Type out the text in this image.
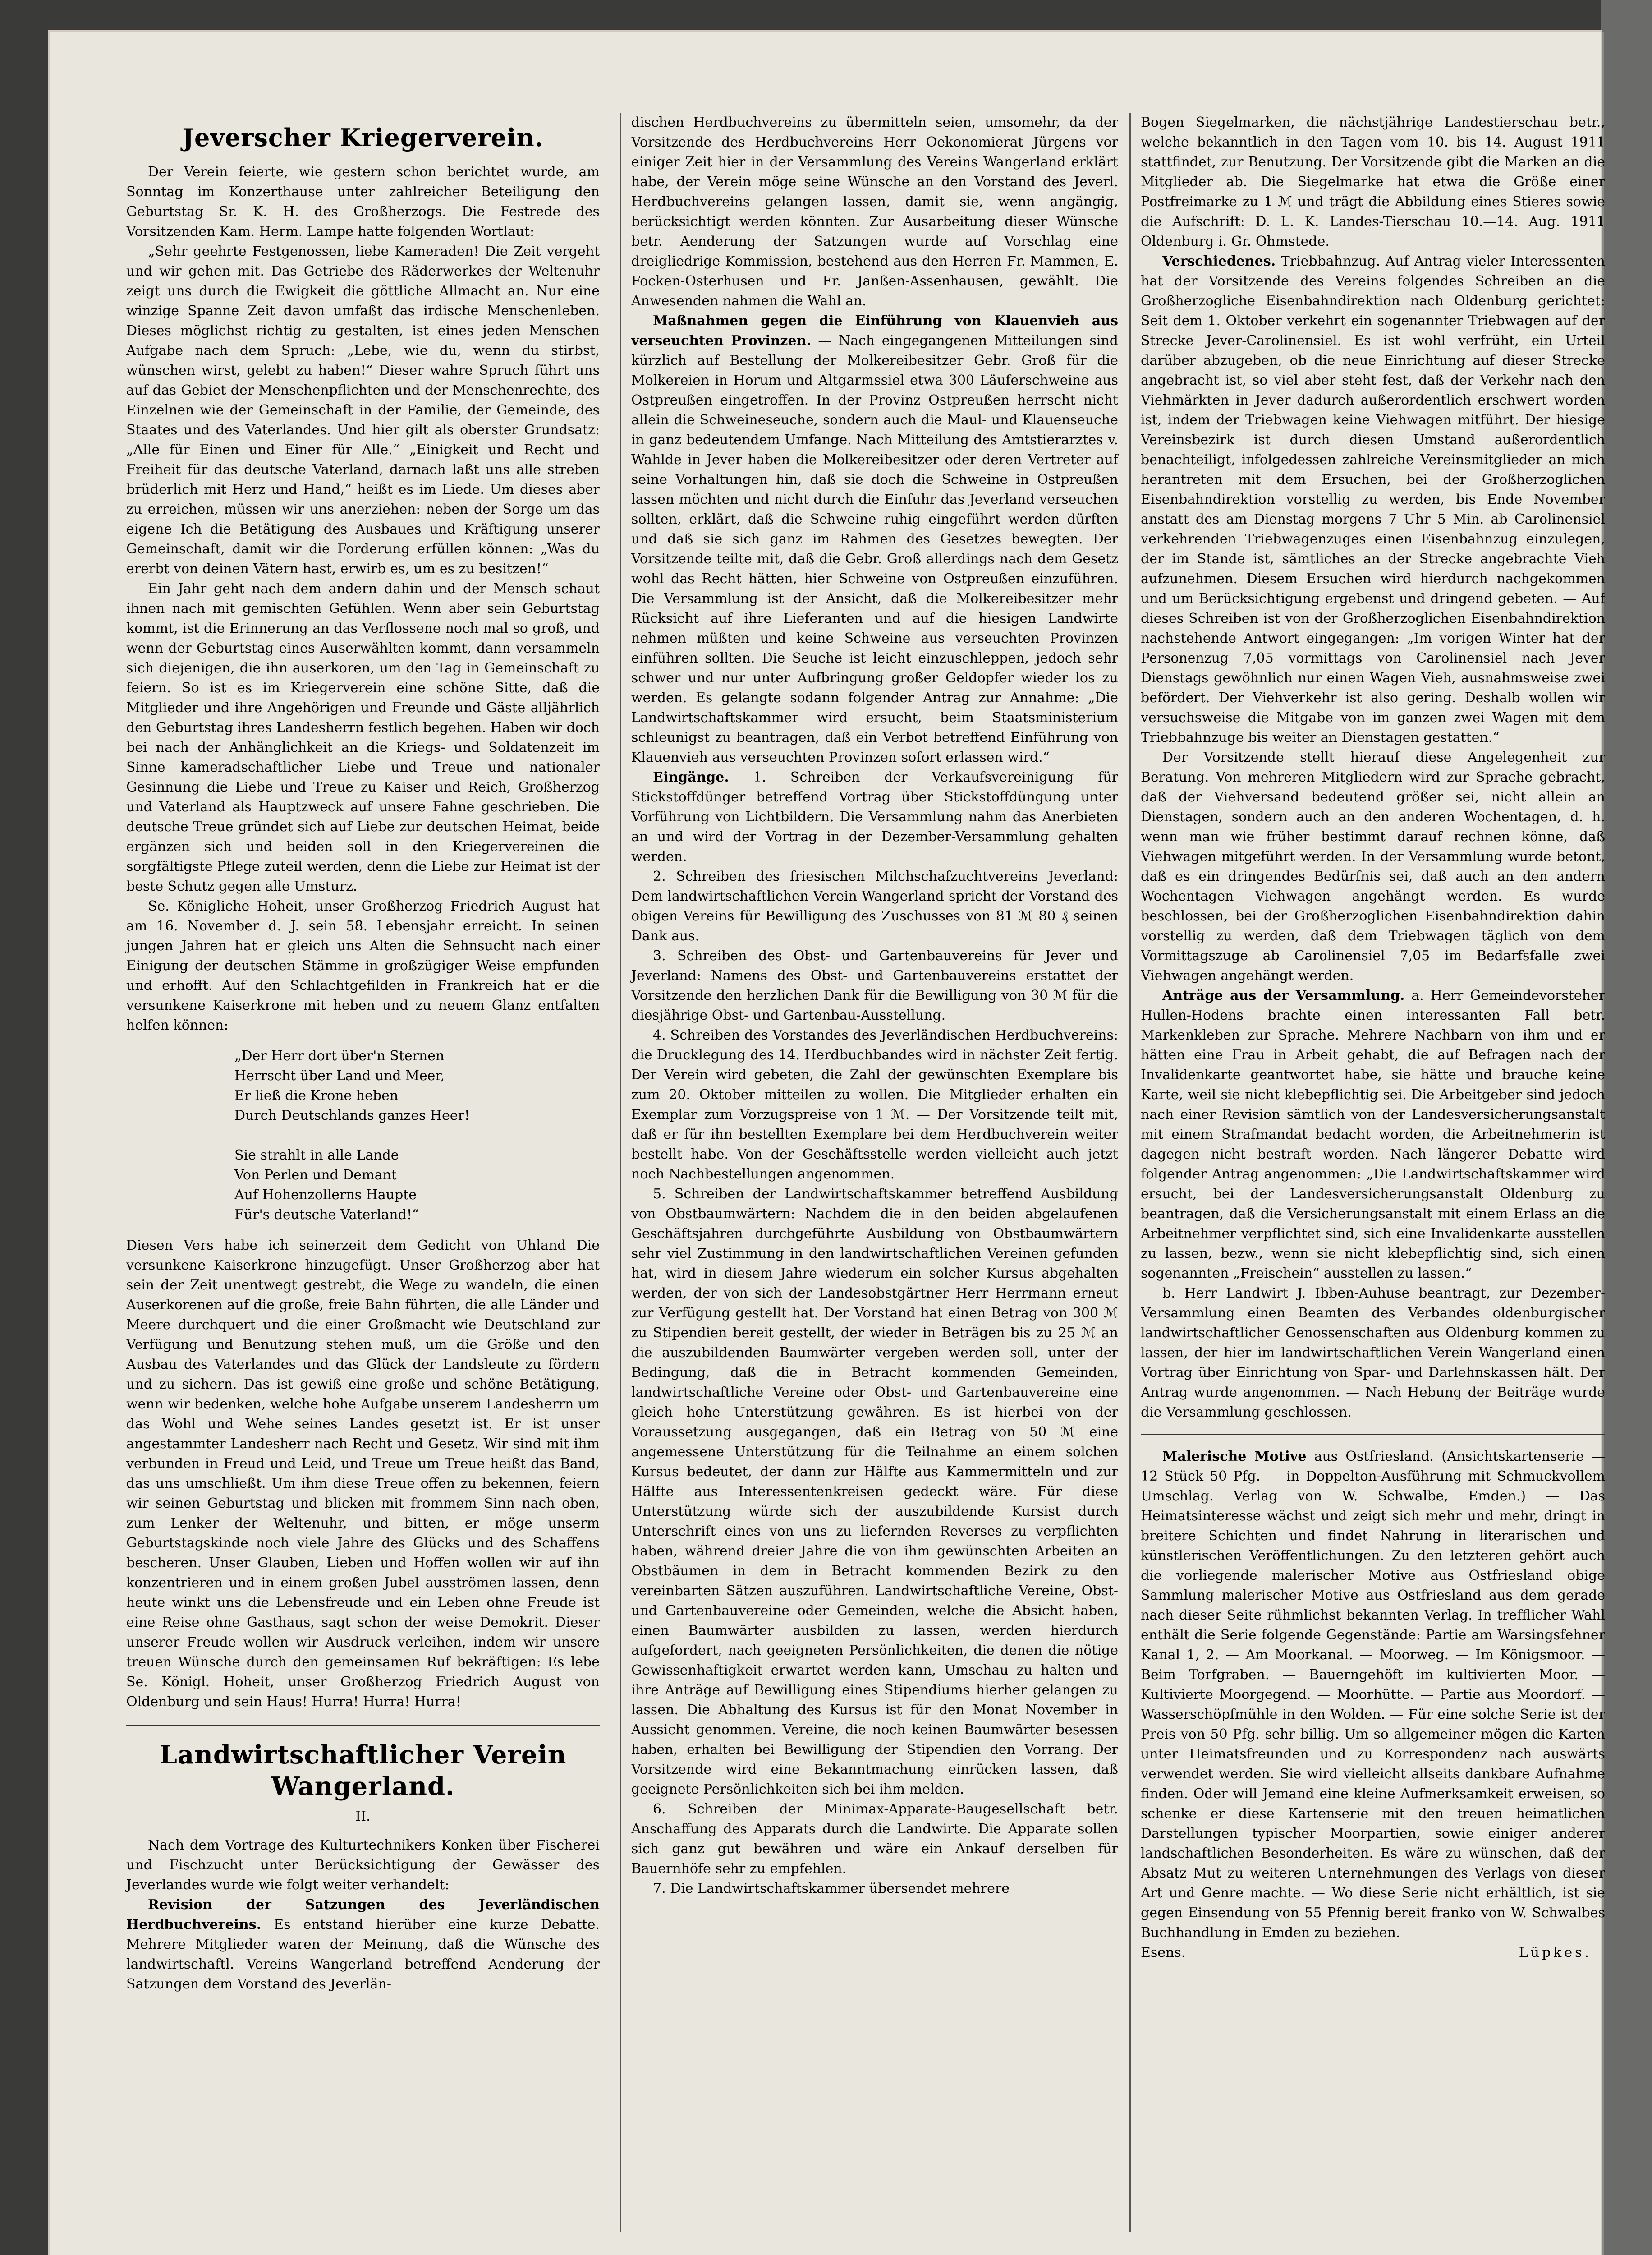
Jeverscher Kriegerverein.

Der Verein feierte, wie gestern schon berichtet wurde, am Sonntag im Konzerthause unter zahlreicher Beteiligung den Geburtstag Sr. K. H. des Großherzogs. Die Festrede des Vorsitzenden Kam. Herm. Lampe hatte folgenden Wortlaut:

„Sehr geehrte Festgenossen, liebe Kameraden! Die Zeit vergeht und wir gehen mit. Das Getriebe des Räderwerkes der Weltenuhr zeigt uns durch die Ewigkeit die göttliche Allmacht an. Nur eine winzige Spanne Zeit davon umfaßt das irdische Menschenleben. Dieses möglichst richtig zu gestalten, ist eines jeden Menschen Aufgabe nach dem Spruch: „Lebe, wie du, wenn du stirbst, wünschen wirst, gelebt zu haben!“ Dieser wahre Spruch führt uns auf das Gebiet der Menschenpflichten und der Menschenrechte, des Einzelnen wie der Gemeinschaft in der Familie, der Gemeinde, des Staates und des Vaterlandes. Und hier gilt als oberster Grundsatz: „Alle für Einen und Einer für Alle.“ „Einigkeit und Recht und Freiheit für das deutsche Vaterland, darnach laßt uns alle streben brüderlich mit Herz und Hand,“ heißt es im Liede. Um dieses aber zu erreichen, müssen wir uns anerziehen: neben der Sorge um das eigene Ich die Betätigung des Ausbaues und Kräftigung unserer Gemeinschaft, damit wir die Forderung erfüllen können: „Was du ererbt von deinen Vätern hast, erwirb es, um es zu besitzen!“

Ein Jahr geht nach dem andern dahin und der Mensch schaut ihnen nach mit gemischten Gefühlen. Wenn aber sein Geburtstag kommt, ist die Erinnerung an das Verflossene noch mal so groß, und wenn der Geburtstag eines Auserwählten kommt, dann versammeln sich diejenigen, die ihn auserkoren, um den Tag in Gemeinschaft zu feiern. So ist es im Kriegerverein eine schöne Sitte, daß die Mitglieder und ihre Angehörigen und Freunde und Gäste alljährlich den Geburtstag ihres Landesherrn festlich begehen. Haben wir doch bei nach der Anhänglichkeit an die Kriegs- und Soldatenzeit im Sinne kameradschaftlicher Liebe und Treue und nationaler Gesinnung die Liebe und Treue zu Kaiser und Reich, Großherzog und Vaterland als Hauptzweck auf unsere Fahne geschrieben. Die deutsche Treue gründet sich auf Liebe zur deutschen Heimat, beide ergänzen sich und beiden soll in den Kriegervereinen die sorgfältigste Pflege zuteil werden, denn die Liebe zur Heimat ist der beste Schutz gegen alle Umsturz.

Se. Königliche Hoheit, unser Großherzog Friedrich August hat am 16. November d. J. sein 58. Lebensjahr erreicht. In seinen jungen Jahren hat er gleich uns Alten die Sehnsucht nach einer Einigung der deutschen Stämme in großzügiger Weise empfunden und erhofft. Auf den Schlachtgefilden in Frankreich hat er die versunkene Kaiserkrone mit heben und zu neuem Glanz entfalten helfen können:

„Der Herr dort über'n Sternen
Herrscht über Land und Meer,
Er ließ die Krone heben
Durch Deutschlands ganzes Heer!
Sie strahlt in alle Lande
Von Perlen und Demant
Auf Hohenzollerns Haupte
Für's deutsche Vaterland!“

Diesen Vers habe ich seinerzeit dem Gedicht von Uhland Die versunkene Kaiserkrone hinzugefügt. Unser Großherzog aber hat sein der Zeit unentwegt gestrebt, die Wege zu wandeln, die einen Auserkorenen auf die große, freie Bahn führten, die alle Länder und Meere durchquert und die einer Großmacht wie Deutschland zur Verfügung und Benutzung stehen muß, um die Größe und den Ausbau des Vaterlandes und das Glück der Landsleute zu fördern und zu sichern. Das ist gewiß eine große und schöne Betätigung, wenn wir bedenken, welche hohe Aufgabe unserem Landesherrn um das Wohl und Wehe seines Landes gesetzt ist. Er ist unser angestammter Landesherr nach Recht und Gesetz. Wir sind mit ihm verbunden in Freud und Leid, und Treue um Treue heißt das Band, das uns umschließt. Um ihm diese Treue offen zu bekennen, feiern wir seinen Geburtstag und blicken mit frommem Sinn nach oben, zum Lenker der Weltenuhr, und bitten, er möge unserm Geburtstagskinde noch viele Jahre des Glücks und des Schaffens bescheren. Unser Glauben, Lieben und Hoffen wollen wir auf ihn konzentrieren und in einem großen Jubel ausströmen lassen, denn heute winkt uns die Lebensfreude und ein Leben ohne Freude ist eine Reise ohne Gasthaus, sagt schon der weise Demokrit. Dieser unserer Freude wollen wir Ausdruck verleihen, indem wir unsere treuen Wünsche durch den gemeinsamen Ruf bekräftigen: Es lebe Se. Königl. Hoheit, unser Großherzog Friedrich August von Oldenburg und sein Haus! Hurra! Hurra! Hurra!

Landwirtschaftlicher Verein Wangerland.
II.

Nach dem Vortrage des Kulturtechnikers Konken über Fischerei und Fischzucht unter Berücksichtigung der Gewässer des Jeverlandes wurde wie folgt weiter verhandelt:

Revision der Satzungen des Jeverländischen Herdbuchvereins. Es entstand hierüber eine kurze Debatte. Mehrere Mitglieder waren der Meinung, daß die Wünsche des landwirtschaftl. Vereins Wangerland betreffend Aenderung der Satzungen dem Vorstand des Jeverlän-

dischen Herdbuchvereins zu übermitteln seien, umsomehr, da der Vorsitzende des Herdbuchvereins Herr Oekonomierat Jürgens vor einiger Zeit hier in der Versammlung des Vereins Wangerland erklärt habe, der Verein möge seine Wünsche an den Vorstand des Jeverl. Herdbuchvereins gelangen lassen, damit sie, wenn angängig, berücksichtigt werden könnten. Zur Ausarbeitung dieser Wünsche betr. Aenderung der Satzungen wurde auf Vorschlag eine dreigliedrige Kommission, bestehend aus den Herren Fr. Mammen, E. Focken-Osterhusen und Fr. Janßen-Assenhausen, gewählt. Die Anwesenden nahmen die Wahl an.

Maßnahmen gegen die Einführung von Klauenvieh aus verseuchten Provinzen. — Nach eingegangenen Mitteilungen sind kürzlich auf Bestellung der Molkereibesitzer Gebr. Groß für die Molkereien in Horum und Altgarmssiel etwa 300 Läuferschweine aus Ostpreußen eingetroffen. In der Provinz Ostpreußen herrscht nicht allein die Schweineseuche, sondern auch die Maul- und Klauenseuche in ganz bedeutendem Umfange. Nach Mitteilung des Amtstierarztes v. Wahlde in Jever haben die Molkereibesitzer oder deren Vertreter auf seine Vorhaltungen hin, daß sie doch die Schweine in Ostpreußen lassen möchten und nicht durch die Einfuhr das Jeverland verseuchen sollten, erklärt, daß die Schweine ruhig eingeführt werden dürften und daß sie sich ganz im Rahmen des Gesetzes bewegten. Der Vorsitzende teilte mit, daß die Gebr. Groß allerdings nach dem Gesetz wohl das Recht hätten, hier Schweine von Ostpreußen einzuführen. Die Versammlung ist der Ansicht, daß die Molkereibesitzer mehr Rücksicht auf ihre Lieferanten und auf die hiesigen Landwirte nehmen müßten und keine Schweine aus verseuchten Provinzen einführen sollten. Die Seuche ist leicht einzuschleppen, jedoch sehr schwer und nur unter Aufbringung großer Geldopfer wieder los zu werden. Es gelangte sodann folgender Antrag zur Annahme: „Die Landwirtschaftskammer wird ersucht, beim Staatsministerium schleunigst zu beantragen, daß ein Verbot betreffend Einführung von Klauenvieh aus verseuchten Provinzen sofort erlassen wird.“

Eingänge. 1. Schreiben der Verkaufsvereinigung für Stickstoffdünger betreffend Vortrag über Stickstoffdüngung unter Vorführung von Lichtbildern. Die Versammlung nahm das Anerbieten an und wird der Vortrag in der Dezember-Versammlung gehalten werden.

2. Schreiben des friesischen Milchschafzuchtvereins Jeverland: Dem landwirtschaftlichen Verein Wangerland spricht der Vorstand des obigen Vereins für Bewilligung des Zuschusses von 81 ℳ 80 ₰ seinen Dank aus.

3. Schreiben des Obst- und Gartenbauvereins für Jever und Jeverland: Namens des Obst- und Gartenbauvereins erstattet der Vorsitzende den herzlichen Dank für die Bewilligung von 30 ℳ für die diesjährige Obst- und Gartenbau-Ausstellung.

4. Schreiben des Vorstandes des Jeverländischen Herdbuchvereins: die Drucklegung des 14. Herdbuchbandes wird in nächster Zeit fertig. Der Verein wird gebeten, die Zahl der gewünschten Exemplare bis zum 20. Oktober mitteilen zu wollen. Die Mitglieder erhalten ein Exemplar zum Vorzugspreise von 1 ℳ. — Der Vorsitzende teilt mit, daß er für ihn bestellten Exemplare bei dem Herdbuchverein weiter bestellt habe. Von der Geschäftsstelle werden vielleicht auch jetzt noch Nachbestellungen angenommen.

5. Schreiben der Landwirtschaftskammer betreffend Ausbildung von Obstbaumwärtern: Nachdem die in den beiden abgelaufenen Geschäftsjahren durchgeführte Ausbildung von Obstbaumwärtern sehr viel Zustimmung in den landwirtschaftlichen Vereinen gefunden hat, wird in diesem Jahre wiederum ein solcher Kursus abgehalten werden, der von sich der Landesobstgärtner Herr Herrmann erneut zur Verfügung gestellt hat. Der Vorstand hat einen Betrag von 300 ℳ zu Stipendien bereit gestellt, der wieder in Beträgen bis zu 25 ℳ an die auszubildenden Baumwärter vergeben werden soll, unter der Bedingung, daß die in Betracht kommenden Gemeinden, landwirtschaftliche Vereine oder Obst- und Gartenbauvereine eine gleich hohe Unterstützung gewähren. Es ist hierbei von der Voraussetzung ausgegangen, daß ein Betrag von 50 ℳ eine angemessene Unterstützung für die Teilnahme an einem solchen Kursus bedeutet, der dann zur Hälfte aus Kammermitteln und zur Hälfte aus Interessentenkreisen gedeckt wäre. Für diese Unterstützung würde sich der auszubildende Kursist durch Unterschrift eines von uns zu liefernden Reverses zu verpflichten haben, während dreier Jahre die von ihm gewünschten Arbeiten an Obstbäumen in dem in Betracht kommenden Bezirk zu den vereinbarten Sätzen auszuführen. Landwirtschaftliche Vereine, Obst- und Gartenbauvereine oder Gemeinden, welche die Absicht haben, einen Baumwärter ausbilden zu lassen, werden hierdurch aufgefordert, nach geeigneten Persönlichkeiten, die denen die nötige Gewissenhaftigkeit erwartet werden kann, Umschau zu halten und ihre Anträge auf Bewilligung eines Stipendiums hierher gelangen zu lassen. Die Abhaltung des Kursus ist für den Monat November in Aussicht genommen. Vereine, die noch keinen Baumwärter besessen haben, erhalten bei Bewilligung der Stipendien den Vorrang. Der Vorsitzende wird eine Bekanntmachung einrücken lassen, daß geeignete Persönlichkeiten sich bei ihm melden.

6. Schreiben der Minimax-Apparate-Baugesellschaft betr. Anschaffung des Apparats durch die Landwirte. Die Apparate sollen sich ganz gut bewähren und wäre ein Ankauf derselben für Bauernhöfe sehr zu empfehlen.

7. Die Landwirtschaftskammer übersendet mehrere

Bogen Siegelmarken, die nächstjährige Landestierschau betr., welche bekanntlich in den Tagen vom 10. bis 14. August 1911 stattfindet, zur Benutzung. Der Vorsitzende gibt die Marken an die Mitglieder ab. Die Siegelmarke hat etwa die Größe einer Postfreimarke zu 1 ℳ und trägt die Abbildung eines Stieres sowie die Aufschrift: D. L. K. Landes-Tierschau 10.—14. Aug. 1911 Oldenburg i. Gr. Ohmstede.

Verschiedenes. Triebbahnzug. Auf Antrag vieler Interessenten hat der Vorsitzende des Vereins folgendes Schreiben an die Großherzogliche Eisenbahndirektion nach Oldenburg gerichtet: Seit dem 1. Oktober verkehrt ein sogenannter Triebwagen auf der Strecke Jever-Carolinensiel. Es ist wohl verfrüht, ein Urteil darüber abzugeben, ob die neue Einrichtung auf dieser Strecke angebracht ist, so viel aber steht fest, daß der Verkehr nach den Viehmärkten in Jever dadurch außerordentlich erschwert worden ist, indem der Triebwagen keine Viehwagen mitführt. Der hiesige Vereinsbezirk ist durch diesen Umstand außerordentlich benachteiligt, infolgedessen zahlreiche Vereinsmitglieder an mich herantreten mit dem Ersuchen, bei der Großherzoglichen Eisenbahndirektion vorstellig zu werden, bis Ende November anstatt des am Dienstag morgens 7 Uhr 5 Min. ab Carolinensiel verkehrenden Triebwagenzuges einen Eisenbahnzug einzulegen, der im Stande ist, sämtliches an der Strecke angebrachte Vieh aufzunehmen. Diesem Ersuchen wird hierdurch nachgekommen und um Berücksichtigung ergebenst und dringend gebeten. — Auf dieses Schreiben ist von der Großherzoglichen Eisenbahndirektion nachstehende Antwort eingegangen: „Im vorigen Winter hat der Personenzug 7,05 vormittags von Carolinensiel nach Jever Dienstags gewöhnlich nur einen Wagen Vieh, ausnahmsweise zwei befördert. Der Viehverkehr ist also gering. Deshalb wollen wir versuchsweise die Mitgabe von im ganzen zwei Wagen mit dem Triebbahnzuge bis weiter an Dienstagen gestatten.“

Der Vorsitzende stellt hierauf diese Angelegenheit zur Beratung. Von mehreren Mitgliedern wird zur Sprache gebracht, daß der Viehversand bedeutend größer sei, nicht allein an Dienstagen, sondern auch an den anderen Wochentagen, d. h. wenn man wie früher bestimmt darauf rechnen könne, daß Viehwagen mitgeführt werden. In der Versammlung wurde betont, daß es ein dringendes Bedürfnis sei, daß auch an den andern Wochentagen Viehwagen angehängt werden. Es wurde beschlossen, bei der Großherzoglichen Eisenbahndirektion dahin vorstellig zu werden, daß dem Triebwagen täglich von dem Vormittagszuge ab Carolinensiel 7,05 im Bedarfsfalle zwei Viehwagen angehängt werden.

Anträge aus der Versammlung. a. Herr Gemeindevorsteher Hullen-Hodens brachte einen interessanten Fall betr. Markenkleben zur Sprache. Mehrere Nachbarn von ihm und er hätten eine Frau in Arbeit gehabt, die auf Befragen nach der Invalidenkarte geantwortet habe, sie hätte und brauche keine Karte, weil sie nicht klebepflichtig sei. Die Arbeitgeber sind jedoch nach einer Revision sämtlich von der Landesversicherungsanstalt mit einem Strafmandat bedacht worden, die Arbeitnehmerin ist dagegen nicht bestraft worden. Nach längerer Debatte wird folgender Antrag angenommen: „Die Landwirtschaftskammer wird ersucht, bei der Landesversicherungsanstalt Oldenburg zu beantragen, daß die Versicherungsanstalt mit einem Erlass an die Arbeitnehmer verpflichtet sind, sich eine Invalidenkarte ausstellen zu lassen, bezw., wenn sie nicht klebepflichtig sind, sich einen sogenannten „Freischein“ ausstellen zu lassen.“

b. Herr Landwirt J. Ibben-Auhuse beantragt, zur Dezember-Versammlung einen Beamten des Verbandes oldenburgischer landwirtschaftlicher Genossenschaften aus Oldenburg kommen zu lassen, der hier im landwirtschaftlichen Verein Wangerland einen Vortrag über Einrichtung von Spar- und Darlehnskassen hält. Der Antrag wurde angenommen. — Nach Hebung der Beiträge wurde die Versammlung geschlossen.

Malerische Motive aus Ostfriesland. (Ansichtskartenserie — 12 Stück 50 Pfg. — in Doppelton-Ausführung mit Schmuckvollem Umschlag. Verlag von W. Schwalbe, Emden.) — Das Heimatsinteresse wächst und zeigt sich mehr und mehr, dringt in breitere Schichten und findet Nahrung in literarischen und künstlerischen Veröffentlichungen. Zu den letzteren gehört auch die vorliegende malerischer Motive aus Ostfriesland obige Sammlung malerischer Motive aus Ostfriesland aus dem gerade nach dieser Seite rühmlichst bekannten Verlag. In trefflicher Wahl enthält die Serie folgende Gegenstände: Partie am Warsingsfehner Kanal 1, 2. — Am Moorkanal. — Moorweg. — Im Königsmoor. — Beim Torfgraben. — Bauerngehöft im kultivierten Moor. — Kultivierte Moorgegend. — Moorhütte. — Partie aus Moordorf. — Wasserschöpfmühle in den Wolden. — Für eine solche Serie ist der Preis von 50 Pfg. sehr billig. Um so allgemeiner mögen die Karten unter Heimatsfreunden und zu Korrespondenz nach auswärts verwendet werden. Sie wird vielleicht allseits dankbare Aufnahme finden. Oder will Jemand eine kleine Aufmerksamkeit erweisen, so schenke er diese Kartenserie mit den treuen heimatlichen Darstellungen typischer Moorpartien, sowie einiger anderer landschaftlichen Besonderheiten. Es wäre zu wünschen, daß der Absatz Mut zu weiteren Unternehmungen des Verlags von dieser Art und Genre machte. — Wo diese Serie nicht erhältlich, ist sie gegen Einsendung von 55 Pfennig bereit franko von W. Schwalbes Buchhandlung in Emden zu beziehen.

Esens.	Lüpkes.
